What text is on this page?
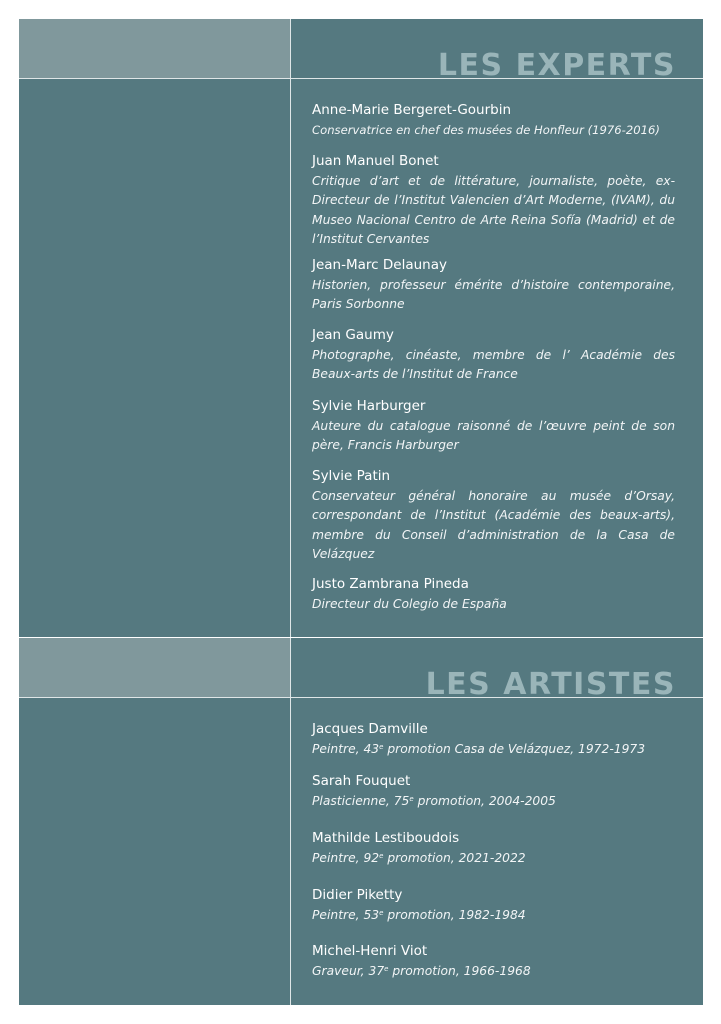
LES EXPERTS
Anne-Marie Bergeret-Gourbin
Conservatrice en chef des musées de Honfleur (1976-2016)
Juan Manuel Bonet
Critique d’art et de littérature, journaliste, poète, ex-Directeur de l’Institut Valencien d’Art Moderne, (IVAM), du Museo Nacional Centro de Arte Reina Sofía (Madrid) et de l’Institut Cervantes
Jean-Marc Delaunay
Historien, professeur émérite d’histoire contemporaine, Paris Sorbonne
Jean Gaumy
Photographe, cinéaste, membre de l’ Académie des Beaux-arts de l’Institut de France
Sylvie Harburger
Auteure du catalogue raisonné de l’œuvre peint de son père, Francis Harburger
Sylvie Patin
Conservateur général honoraire au musée d’Orsay, correspondant de l’Institut (Académie des beaux-arts), membre du Conseil d’administration de la Casa de Velázquez
Justo Zambrana Pineda
Directeur du Colegio de España
LES ARTISTES
Jacques Damville
Peintre, 43e promotion Casa de Velázquez, 1972-1973
Sarah Fouquet
Plasticienne, 75e promotion, 2004-2005
Mathilde Lestiboudois
Peintre, 92e promotion, 2021-2022
Didier Piketty
Peintre, 53e promotion, 1982-1984
Michel-Henri Viot
Graveur, 37e promotion, 1966-1968
